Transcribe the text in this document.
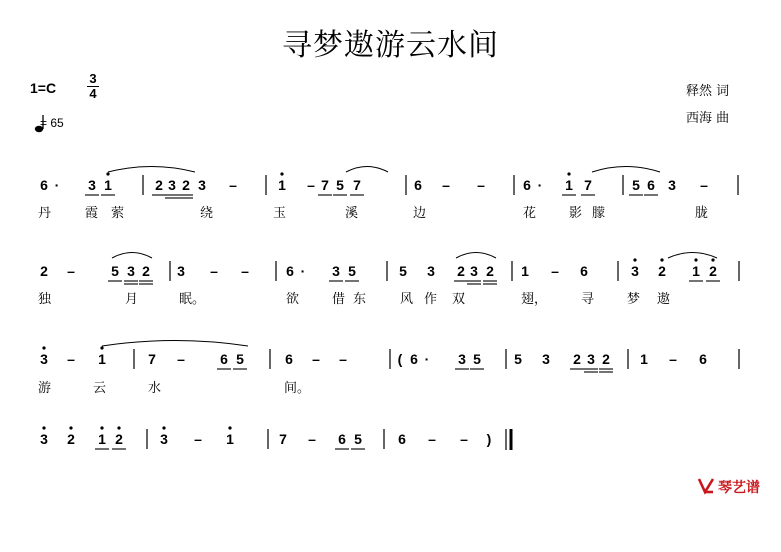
寻梦遨游云水间
1=C
3
4
= 65
释然 词
西海 曲
6 · 3 1	2 3 2 3 –	1 – 7 5 7	6 – –	6 · 1 7	5 6 3 –
丹	霞 萦	绕	玉	溪	边	花	影 朦	胧
2 –	5 3 2 3 – –	6 · 3 5	5 3 2 3 2 1 – 6	3 2 1 2
独	月	眠。	欲	借 东	风 作 双	翅，	寻	梦 遨
3 – 1	7 –	6 5	6 – –	( 6 · 3 5 5 3 2 3 2 1 – 6
游	云	水	间。
3 2 1 2	3 – 1	7 – 6 5	6 – – )

琴艺谱
